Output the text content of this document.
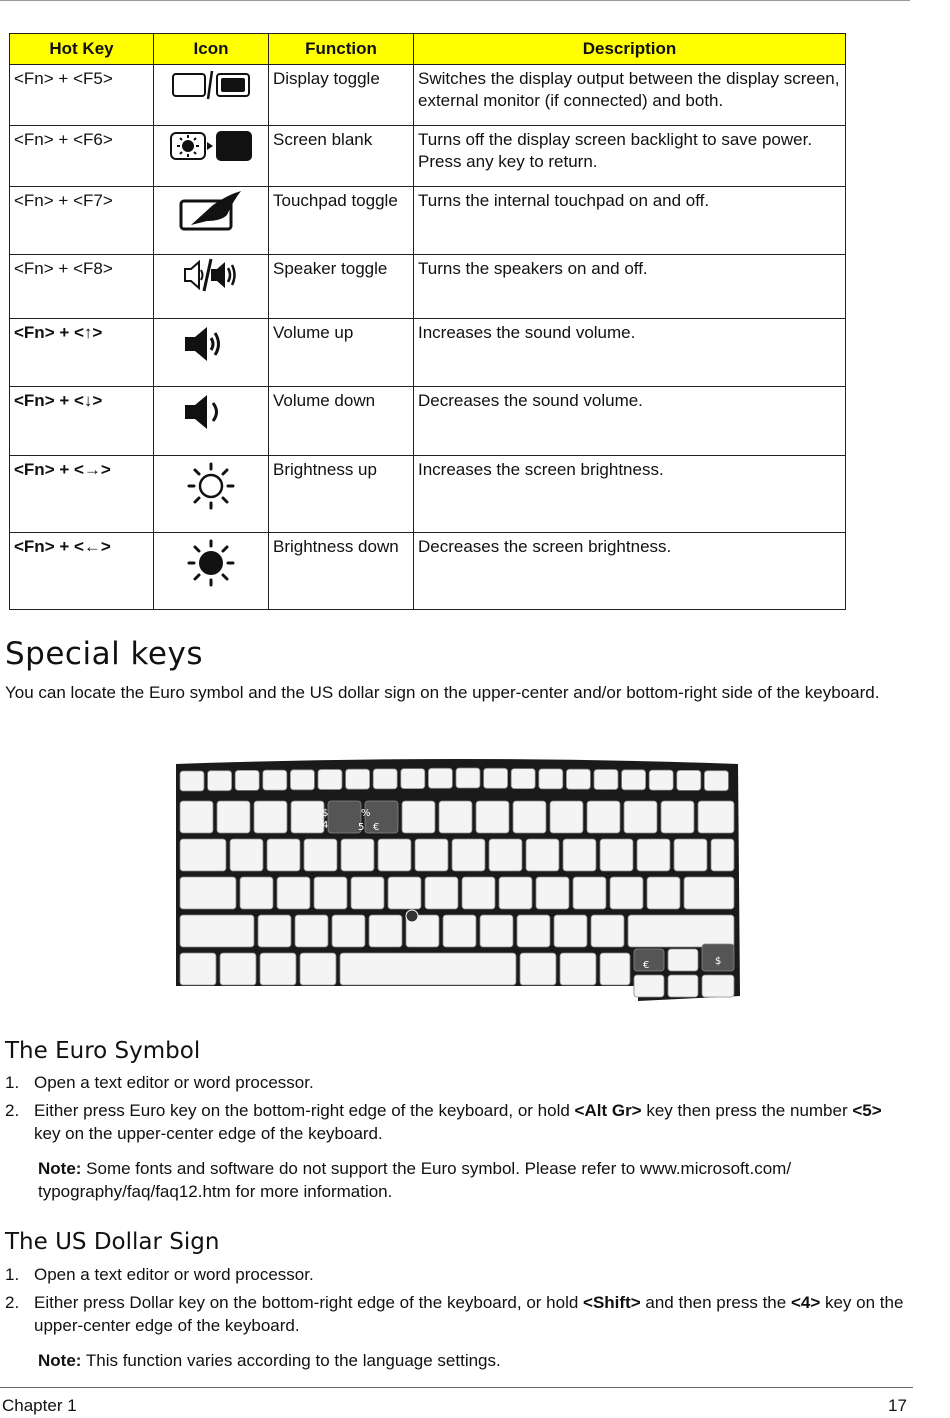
Hot Key	Icon	Function	Description
<Fn> + <F5>		Display toggle	Switches the display output between the display screen, external monitor (if connected) and both.
<Fn> + <F6>		Screen blank	Turns off the display screen backlight to save power. Press any key to return.
<Fn> + <F7>		Touchpad toggle	Turns the internal touchpad on and off.
<Fn> + <F8>		Speaker toggle	Turns the speakers on and off.
<Fn> + <↑>		Volume up	Increases the sound volume.
<Fn> + <↓>		Volume down	Decreases the sound volume.
<Fn> + <→>		Brightness up	Increases the screen brightness.
<Fn> + <←>		Brightness down	Decreases the screen brightness.
Special keys

You can locate the Euro symbol and the US dollar sign on the upper-center and/or bottom-right side of the keyboard.

$
4
%
5 €
€	$
The Euro Symbol
1. Open a text editor or word processor.
2. Either press Euro key on the bottom-right edge of the keyboard, or hold <Alt Gr> key then press the number <5> key on the upper-center edge of the keyboard.
Note: Some fonts and software do not support the Euro symbol. Please refer to www.microsoft.com/ typography/faq/faq12.htm for more information.
The US Dollar Sign
1. Open a text editor or word processor.
2. Either press Dollar key on the bottom-right edge of the keyboard, or hold <Shift> and then press the <4> key on the upper-center edge of the keyboard.
Note: This function varies according to the language settings.
Chapter 1	17
